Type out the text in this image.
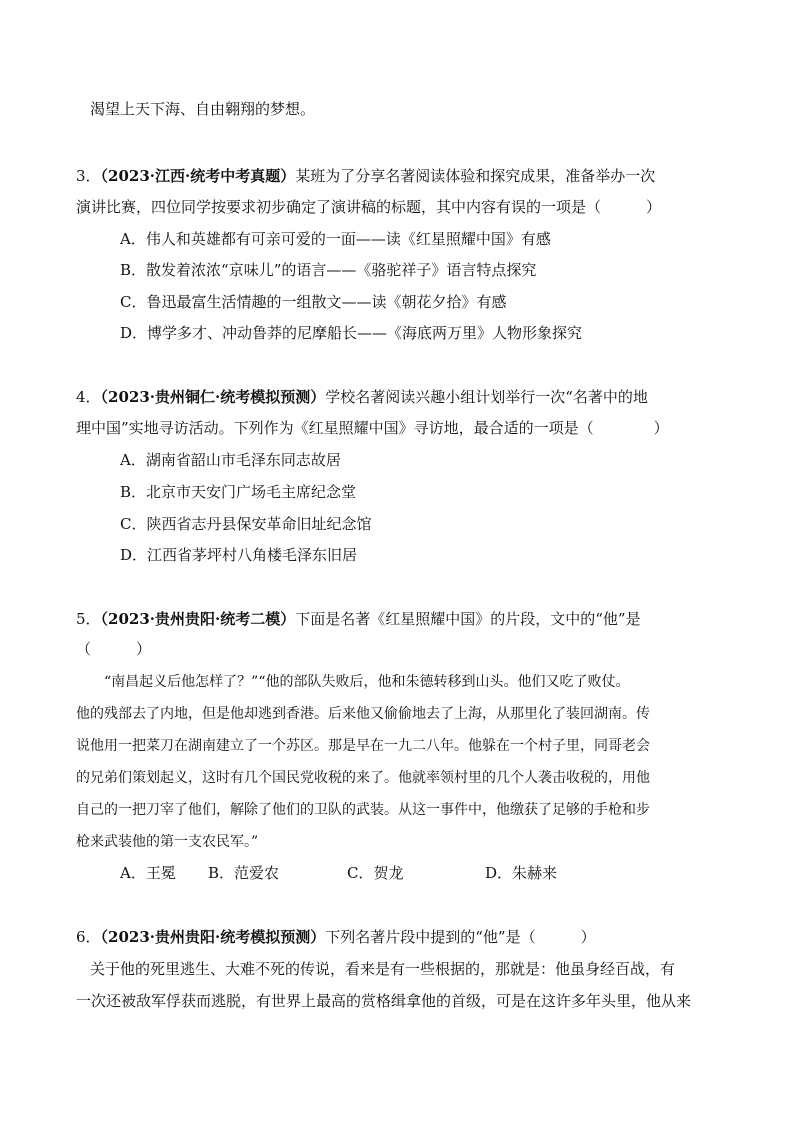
渴望上天下海、自由翱翔的梦想。
3．（2023·江西·统考中考真题）某班为了分享名著阅读体验和探究成果，准备举办一次
演讲比赛，四位同学按要求初步确定了演讲稿的标题，其中内容有误的一项是（　　　）
A．伟人和英雄都有可亲可爱的一面——读《红星照耀中国》有感
B．散发着浓浓“京味儿”的语言——《骆驼祥子》语言特点探究
C．鲁迅最富生活情趣的一组散文——读《朝花夕拾》有感
D．博学多才、冲动鲁莽的尼摩船长——《海底两万里》人物形象探究
4．（2023·贵州铜仁·统考模拟预测）学校名著阅读兴趣小组计划举行一次“名著中的地
理中国”实地寻访活动。下列作为《红星照耀中国》寻访地，最合适的一项是（　　　　）
A．湖南省韶山市毛泽东同志故居
B．北京市天安门广场毛主席纪念堂
C．陕西省志丹县保安革命旧址纪念馆
D．江西省茅坪村八角楼毛泽东旧居
5．（2023·贵州贵阳·统考二模）下面是名著《红星照耀中国》的片段，文中的“他”是
（　　　）

　　“南昌起义后他怎样了？”“他的部队失败后，他和朱德转移到山头。他们又吃了败仗。

他的残部去了内地，但是他却逃到香港。后来他又偷偷地去了上海，从那里化了装回湖南。传

说他用一把菜刀在湖南建立了一个苏区。那是早在一九二八年。他躲在一个村子里，同哥老会

的兄弟们策划起义，这时有几个国民党收税的来了。他就率领村里的几个人袭击收税的，用他

自己的一把刀宰了他们，解除了他们的卫队的武装。从这一事件中，他缴获了足够的手枪和步

枪来武装他的第一支农民军。”

A．王冕 B．范爱农	C．贺龙	D．朱赫来
6．（2023·贵州贵阳·统考模拟预测）下列名著片段中提到的“他”是（　　　）
关于他的死里逃生、大难不死的传说，看来是有一些根据的，那就是：他虽身经百战，有
一次还被敌军俘获而逃脱，有世界上最高的赏格缉拿他的首级，可是在这许多年头里，他从来
